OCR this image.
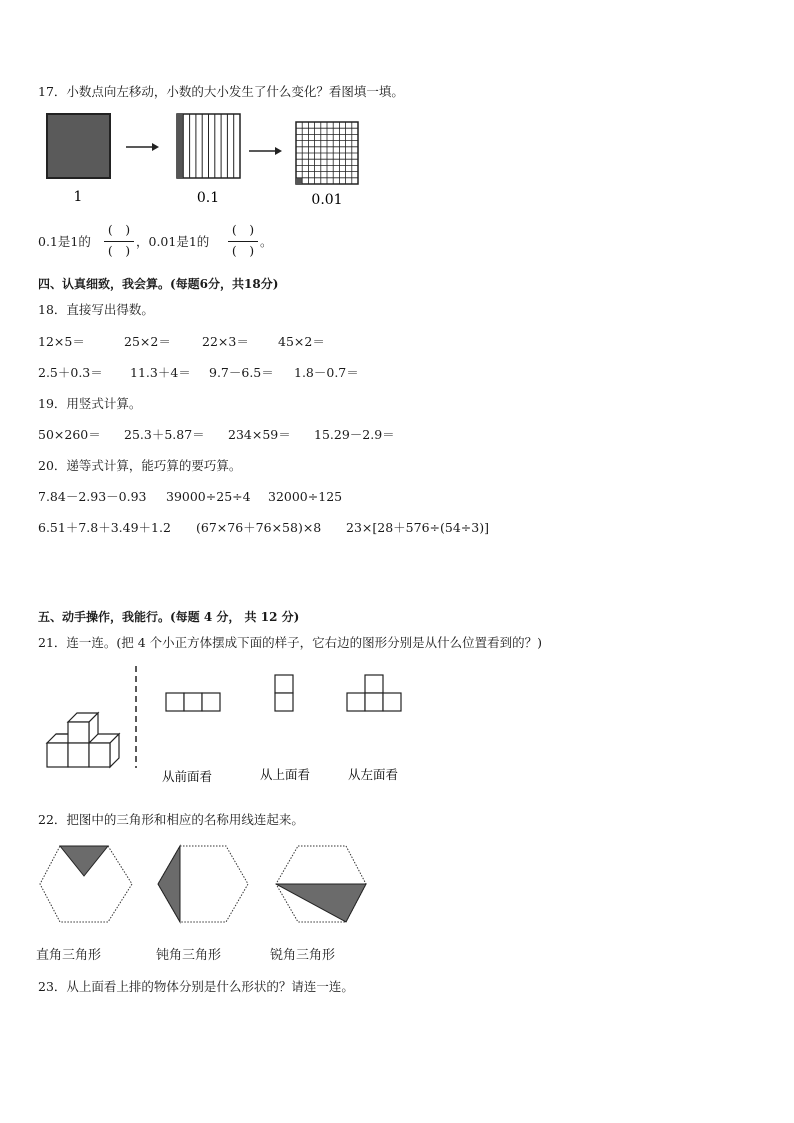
17．小数点向左移动，小数的大小发生了什么变化？看图填一填。
1	0.1	0.01
0.1是1的
(　)
(　)
，0.01是1的
(　)
(　)
。
四、认真细致，我会算。(每题6分，共18分)
18．直接写出得数。
12×5＝	25×2＝ 22×3＝ 45×2＝
2.5＋0.3＝ 11.3＋4＝ 9.7－6.5＝ 1.8－0.7＝
19．用竖式计算。
50×260＝ 25.3＋5.87＝ 234×59＝ 15.29－2.9＝
20．递等式计算，能巧算的要巧算。
7.84－2.93－0.93 39000÷25÷4 32000÷125
6.51＋7.8＋3.49＋1.2 (67×76＋76×58)×8 23×[28＋576÷(54÷3)]
五、动手操作，我能行。(每题 4 分， 共 12 分)
21．连一连。(把 4 个小正方体摆成下面的样子，它右边的图形分别是从什么位置看到的？)
从前面看	从上面看	从左面看
22．把图中的三角形和相应的名称用线连起来。
直角三角形	钝角三角形	锐角三角形
23．从上面看上排的物体分别是什么形状的？请连一连。
